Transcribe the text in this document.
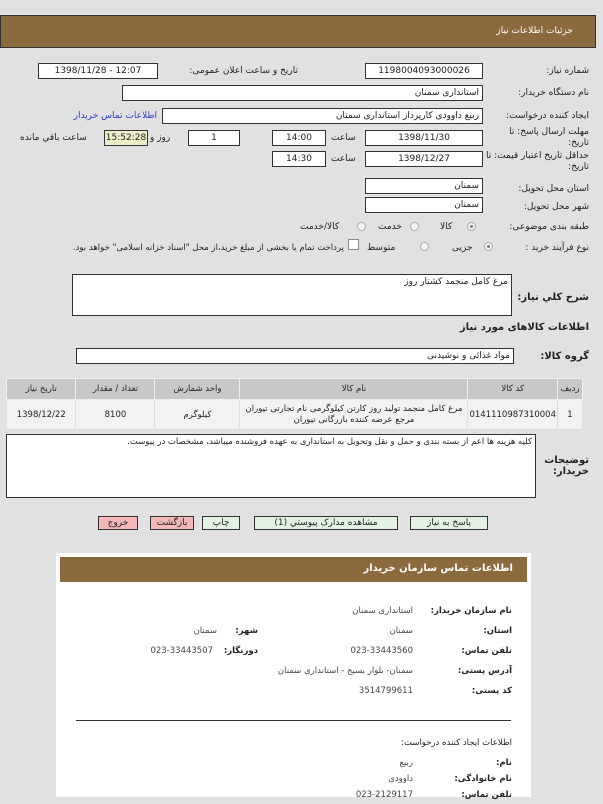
جزئیات اطلاعات نیاز
شماره نیاز:
1198004093000026
تاریخ و ساعت اعلان عمومی:
1398/11/28 - 12:07
نام دستگاه خریدار:
استانداری سمنان
ایجاد کننده درخواست:
ربیع داوودی کارپرداز استانداری سمنان
اطلاعات تماس خریدار
مهلت ارسال پاسخ: تا تاریخ:
1398/11/30
ساعت
14:00
1
روز و
15:52:28
ساعت باقي مانده
حداقل تاریخ اعتبار قیمت: تا تاریخ:
1398/12/27
ساعت
14:30
استان محل تحویل:
سمنان
شهر محل تحویل:
سمنان
طبقه بندی موضوعی:
کالا
خدمت
کالا/خدمت
نوع فرآیند خرید :
جزیی
متوسط
پرداخت تمام یا بخشی از مبلغ خرید،از محل "اسناد خزانه اسلامی" خواهد بود.
شرح کلي نياز:
مرغ کامل منجمد کشتار روز
اطلاعات کالاهای مورد نیاز
گروه کالا:
مواد غذائی و نوشیدنی
ردیف	کد کالا	نام کالا	واحد شمارش	تعداد / مقدار	تاریخ نیاز
1	0141110987310004	مرغ کامل منجمد تولید روز کارتن کیلوگرمی نام تجارتی تیوران مرجع عرضه کننده بازرگانی تیوران	کیلوگرم	8100	1398/12/22
کلیه هزینه ها اعم از بسته بندی و حمل و نقل وتحویل به استانداری به عهده فروشنده میباشد، مشخصات در پیوست.
توضیحات خریدار:
پاسخ به نیاز
مشاهده مدارک پیوستي (1)
چاپ
بازگشت
خروج
اطلاعات تماس سازمان خریدار
نام سازمان خریدار:
استانداری سمنان
استان:
سمنان
شهر:
سمنان
تلفن تماس:
023-33443560
دورنگار:
023-33443507
آدرس پستی:
سمنان- بلوار بسیج - استانداری سمنان
کد پستی:
3514799611
اطلاعات ایجاد کننده درخواست:
نام:
ربیع
نام خانوادگی:
داوودی
تلفن تماس:
023-2129117
